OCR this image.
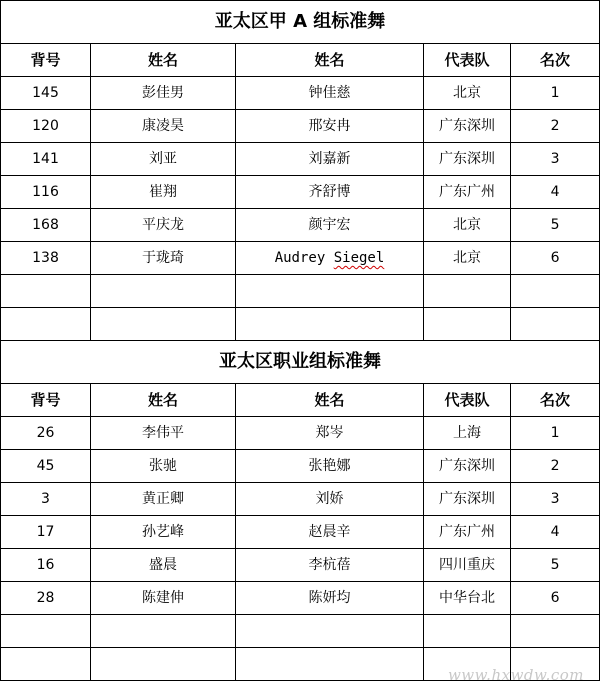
亚太区甲 A 组标准舞				
背号	姓名	姓名	代表队	名次
145	彭佳男	钟佳慈	北京	1
120	康凌昊	邢安冉	广东深圳	2
141	刘亚	刘嘉新	广东深圳	3
116	崔翔	齐舒博	广东广州	4
168	平庆龙	颜宇宏	北京	5
138	于珑琦	Audrey Siegel	北京	6

亚太区职业组标准舞				
背号	姓名	姓名	代表队	名次
26	李伟平	郑岑	上海	1
45	张驰	张艳娜	广东深圳	2
3	黄正卿	刘娇	广东深圳	3
17	孙艺峰	赵晨辛	广东广州	4
16	盛晨	李杭蓓	四川重庆	5
28	陈建伸	陈妍均	中华台北	6

www.hxwdw.com
